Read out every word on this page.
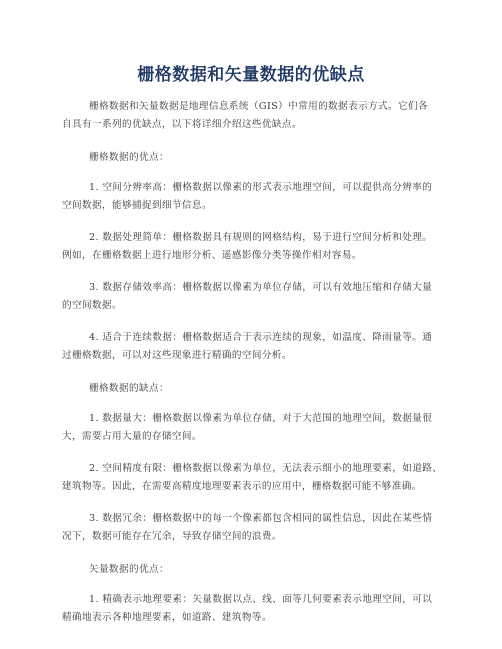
栅格数据和矢量数据的优缺点
栅格数据和矢量数据是地理信息系统（GIS）中常用的数据表示方式。它们各
自具有一系列的优缺点，以下将详细介绍这些优缺点。
栅格数据的优点：
1. 空间分辨率高：栅格数据以像素的形式表示地理空间，可以提供高分辨率的
空间数据，能够捕捉到细节信息。
2. 数据处理简单：栅格数据具有规则的网格结构，易于进行空间分析和处理。
例如，在栅格数据上进行地形分析、遥感影像分类等操作相对容易。
3. 数据存储效率高：栅格数据以像素为单位存储，可以有效地压缩和存储大量
的空间数据。
4. 适合于连续数据：栅格数据适合于表示连续的现象，如温度、降雨量等。通
过栅格数据，可以对这些现象进行精确的空间分析。
栅格数据的缺点：
1. 数据量大：栅格数据以像素为单位存储，对于大范围的地理空间，数据量很
大，需要占用大量的存储空间。
2. 空间精度有限：栅格数据以像素为单位，无法表示细小的地理要素，如道路、
建筑物等。因此，在需要高精度地理要素表示的应用中，栅格数据可能不够准确。
3. 数据冗余：栅格数据中的每一个像素都包含相同的属性信息，因此在某些情
况下，数据可能存在冗余，导致存储空间的浪费。
矢量数据的优点：
1. 精确表示地理要素：矢量数据以点、线、面等几何要素表示地理空间，可以
精确地表示各种地理要素，如道路、建筑物等。
